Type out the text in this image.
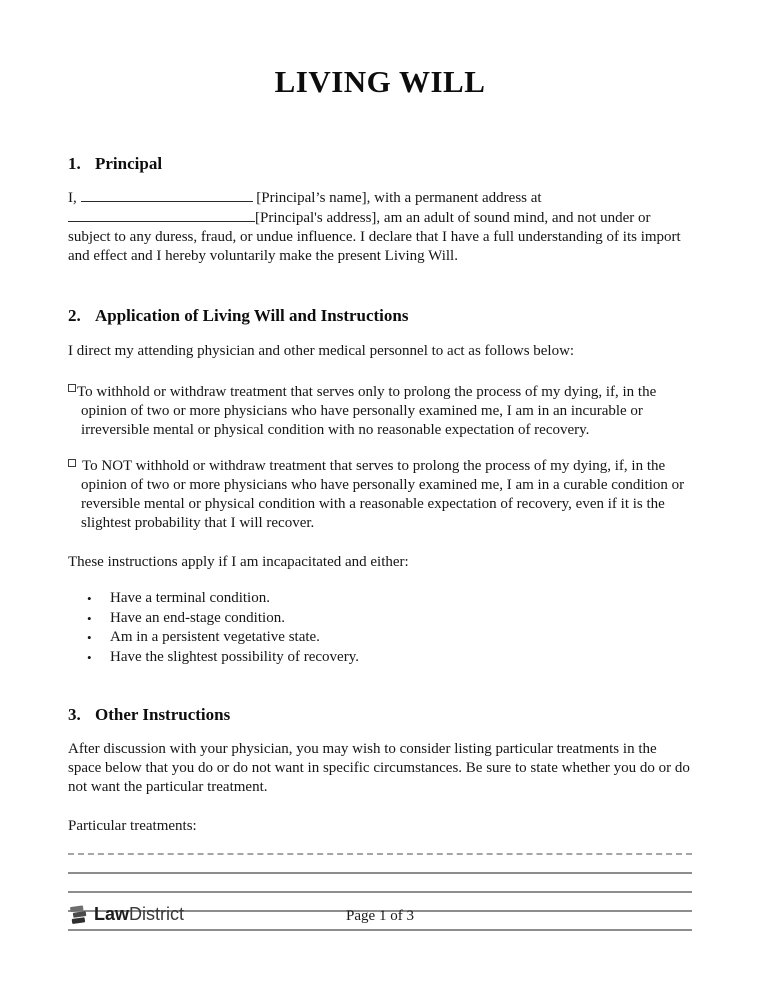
LIVING WILL
1. Principal

I,	[Principal’s name], with a permanent address at [Principal's address], am an adult of sound mind, and not under or subject to any duress, fraud, or undue influence. I declare that I have a full understanding of its import and effect and I hereby voluntarily make the present Living Will.

2. Application of Living Will and Instructions

I direct my attending physician and other medical personnel to act as follows below:

To withhold or withdraw treatment that serves only to prolong the process of my dying, if, in the opinion of two or more physicians who have personally examined me, I am in an incurable or irreversible mental or physical condition with no reasonable expectation of recovery.

To NOT withhold or withdraw treatment that serves to prolong the process of my dying, if, in the opinion of two or more physicians who have personally examined me, I am in a curable condition or reversible mental or physical condition with a reasonable expectation of recovery, even if it is the slightest probability that I will recover.

These instructions apply if I am incapacitated and either:

•	Have a terminal condition.
•	Have an end-stage condition.
•	Am in a persistent vegetative state.
•	Have the slightest possibility of recovery.
3. Other Instructions

After discussion with your physician, you may wish to consider listing particular treatments in the space below that you do or do not want in specific circumstances. Be sure to state whether you do or do not want the particular treatment.

Particular treatments:

LawDistrict	Page 1 of 3
